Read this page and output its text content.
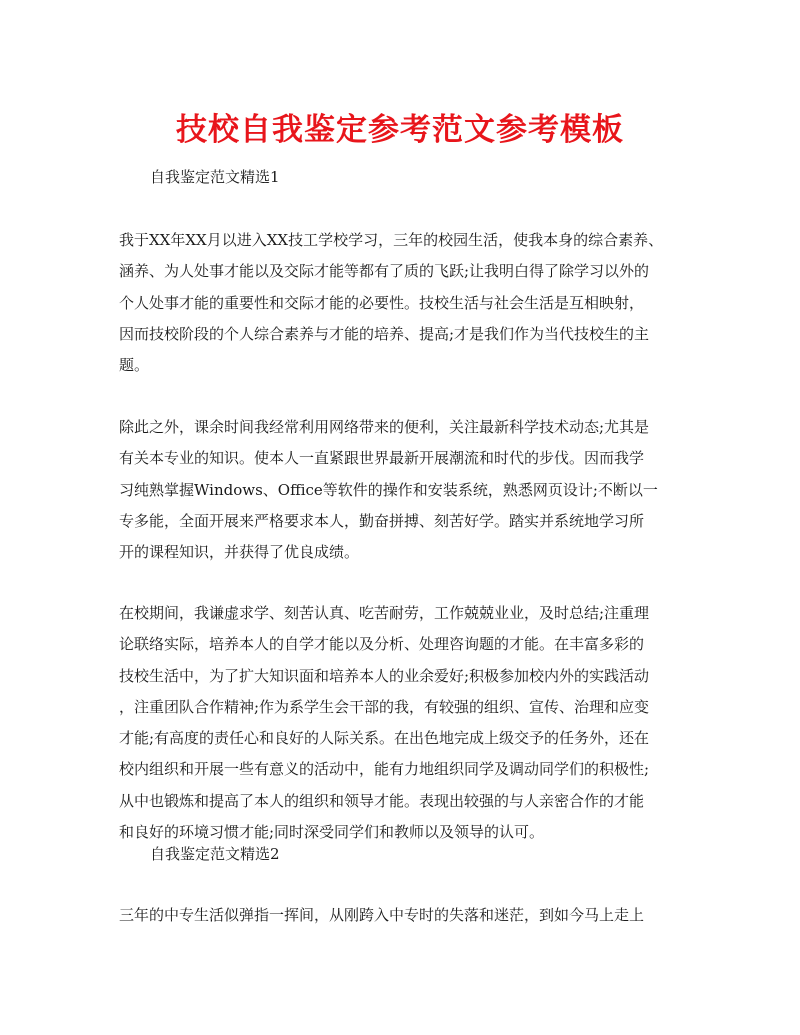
技校自我鉴定参考范文参考模板
自我鉴定范文精选1
我于XX年XX月以进入XX技工学校学习，三年的校园生活，使我本身的综合素养、
涵养、为人处事才能以及交际才能等都有了质的飞跃;让我明白得了除学习以外的
个人处事才能的重要性和交际才能的必要性。技校生活与社会生活是互相映射，
因而技校阶段的个人综合素养与才能的培养、提高;才是我们作为当代技校生的主
题。
除此之外，课余时间我经常利用网络带来的便利，关注最新科学技术动态;尤其是
有关本专业的知识。使本人一直紧跟世界最新开展潮流和时代的步伐。因而我学
习纯熟掌握Windows、Office等软件的操作和安装系统，熟悉网页设计;不断以一
专多能，全面开展来严格要求本人，勤奋拼搏、刻苦好学。踏实并系统地学习所
开的课程知识，并获得了优良成绩。
在校期间，我谦虚求学、刻苦认真、吃苦耐劳，工作兢兢业业，及时总结;注重理
论联络实际，培养本人的自学才能以及分析、处理咨询题的才能。在丰富多彩的
技校生活中，为了扩大知识面和培养本人的业余爱好;积极参加校内外的实践活动
，注重团队合作精神;作为系学生会干部的我，有较强的组织、宣传、治理和应变
才能;有高度的责任心和良好的人际关系。在出色地完成上级交予的任务外，还在
校内组织和开展一些有意义的活动中，能有力地组织同学及调动同学们的积极性;
从中也锻炼和提高了本人的组织和领导才能。表现出较强的与人亲密合作的才能
和良好的环境习惯才能;同时深受同学们和教师以及领导的认可。
自我鉴定范文精选2
三年的中专生活似弹指一挥间，从刚跨入中专时的失落和迷茫，到如今马上走上
